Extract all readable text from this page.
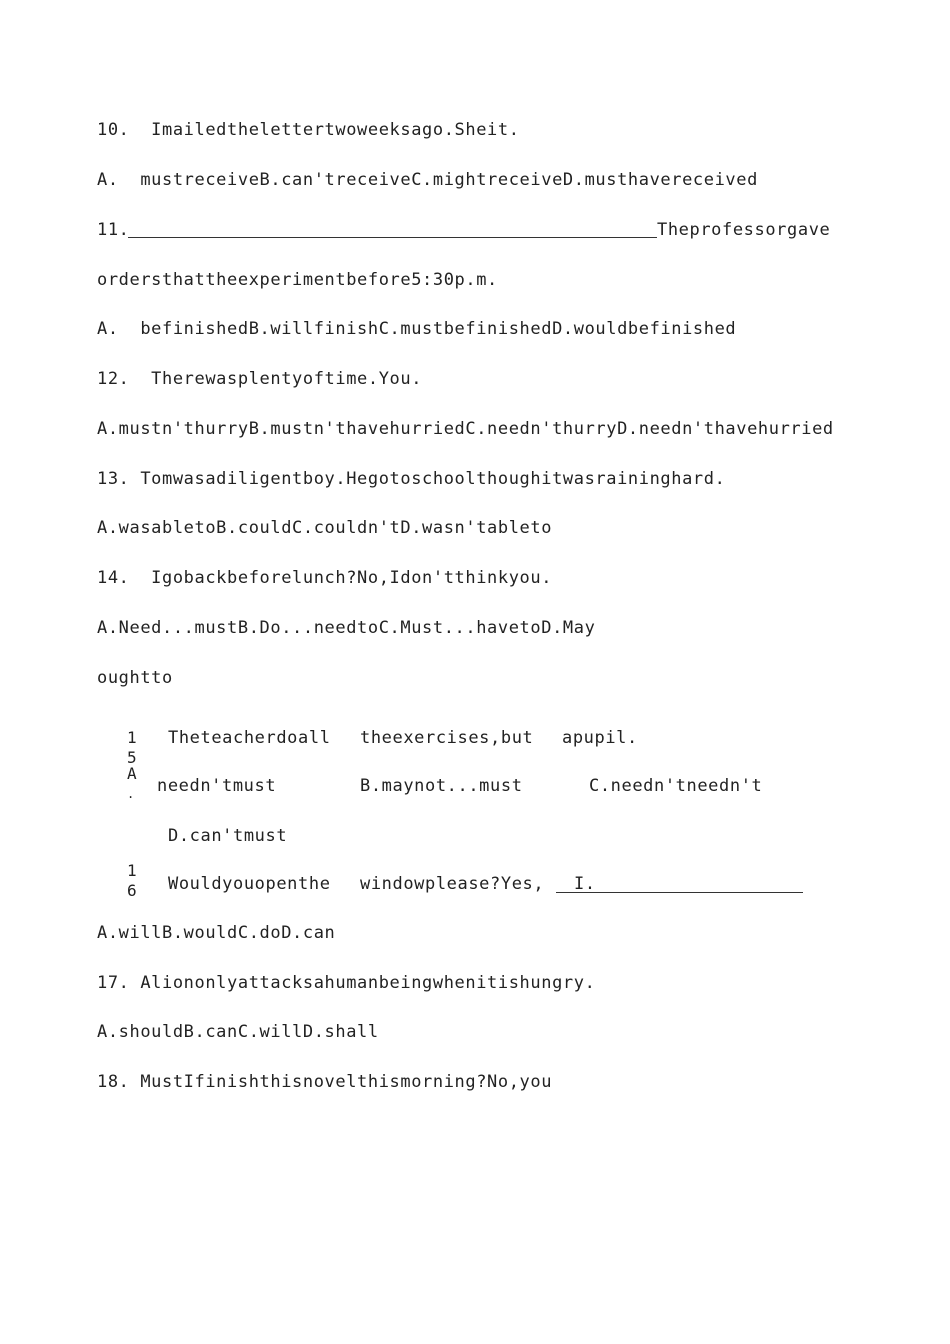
10.  Imailedthelettertwoweeksago.Sheit.
A.  mustreceiveB.can'treceiveC.mightreceiveD.musthavereceived
11.	Theprofessorgave
ordersthattheexperimentbefore5:30p.m.
A.  befinishedB.willfinishC.mustbefinishedD.wouldbefinished
12.  Therewasplentyoftime.You.
A.mustn'thurryB.mustn'thavehurriedC.needn'thurryD.needn'thavehurried
13. Tomwasadiligentboy.Hegotoschoolthoughitwasraininghard.
A.wasabletoB.couldC.couldn'tD.wasn'tableto
14.  Igobackbeforelunch?No,Idon'tthinkyou.
A.Need...mustB.Do...needtoC.Must...havetoD.May
oughtto
1
5
A
.
Theteacherdoall theexercises,but apupil.
needn'tmust	B.maynot...must	C.needn'tneedn't
D.can'tmust
1
6 Wouldyouopenthe windowplease?Yes, I.
A.willB.wouldC.doD.can
17. Aliononlyattacksahumanbeingwhenitishungry.
A.shouldB.canC.willD.shall
18. MustIfinishthisnovelthismorning?No,you
